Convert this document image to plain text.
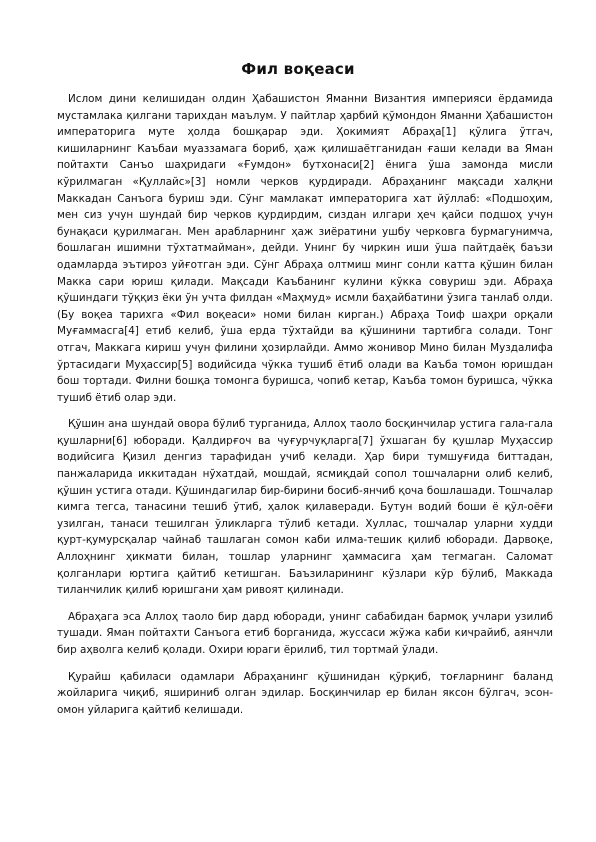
Фил воқеаси

Ислом дини келишидан олдин Ҳабашистон Яманни Византия империяси ёрдамида мустамлака қилгани тарихдан маълум. У пайтлар ҳарбий қўмондон Яманни Ҳабашистон императорига муте ҳолда бошқарар эди. Ҳокимият Абраҳа[1] қўлига ўтгач, кишиларнинг Каъбаи муаззамага бориб, ҳаж қилишаётганидан ғаши келади ва Яман пойтахти Санъо шаҳридаги «Ғумдон» бутхонаси[2] ёнига ўша замонда мисли кўрилмаган «Қуллайс»[3] номли черков қурдиради. Абраҳанинг мақсади халқни Маккадан Санъога буриш эди. Сўнг мамлакат императорига хат йўллаб: «Подшоҳим, мен сиз учун шундай бир черков қурдирдим, сиздан илгари ҳеч қайси подшоҳ учун бунақаси қурилмаган. Мен арабларнинг ҳаж зиёратини ушбу черковга бурмагунимча, бошлаган ишимни тўхтатмайман», дейди. Унинг бу чиркин иши ўша пайтдаёқ баъзи одамларда эътироз уйғотган эди. Сўнг Абраҳа олтмиш минг сонли катта қўшин билан Макка сари юриш қилади. Мақсади Каъбанинг кулини кўкка совуриш эди. Абраҳа қўшиндаги тўққиз ёки ўн учта филдан «Маҳмуд» исмли баҳайбатини ўзига танлаб олди. (Бу воқеа тарихга «Фил воқеаси» номи билан кирган.) Абраҳа Тоиф шаҳри орқали Муғаммасга[4] етиб келиб, ўша ерда тўхтайди ва қўшинини тартибга солади. Тонг отгач, Маккага кириш учун филини ҳозирлайди. Аммо жонивор Мино билан Муздалифа ўртасидаги Муҳассир[5] водийсида чўкка тушиб ётиб олади ва Каъба томон юришдан бош тортади. Филни бошқа томонга буришса, чопиб кетар, Каъба томон буришса, чўкка тушиб ётиб олар эди.

Қўшин ана шундай овора бўлиб турганида, Аллоҳ таоло босқинчилар устига гала-гала қушларни[6] юборади. Қалдирғоч ва чуғурчуқларга[7] ўхшаган бу қушлар Муҳассир водийсига Қизил денгиз тарафидан учиб келади. Ҳар бири тумшуғида биттадан, панжаларида иккитадан нўхатдай, мошдай, ясмиқдай сопол тошчаларни олиб келиб, қўшин устига отади. Қўшиндагилар бир-бирини босиб-янчиб қоча бошлашади. Тошчалар кимга тегса, танасини тешиб ўтиб, ҳалок қилаверади. Бутун водий боши ё қўл-оёғи узилган, танаси тешилган ўликларга тўлиб кетади. Хуллас, тошчалар уларни худди қурт-қумурсқалар чайнаб ташлаган сомон каби илма-тешик қилиб юборади. Дарвоқе, Аллоҳнинг ҳикмати билан, тошлар уларнинг ҳаммасига ҳам тегмаган. Саломат қолганлари юртига қайтиб кетишган. Баъзиларининг кўзлари кўр бўлиб, Маккада тиланчилик қилиб юришгани ҳам ривоят қилинади.

Абраҳага эса Аллоҳ таоло бир дард юборади, унинг сабабидан бармоқ учлари узилиб тушади. Яман пойтахти Санъога етиб борганида, жуссаси жўжа каби кичрайиб, аянчли бир аҳволга келиб қолади. Охири юраги ёрилиб, тил тортмай ўлади.

Қурайш қабиласи одамлари Абраҳанинг қўшинидан қўрқиб, тоғларнинг баланд жойларига чиқиб, яшириниб олган эдилар. Босқинчилар ер билан яксон бўлгач, эсон-омон уйларига қайтиб келишади.
